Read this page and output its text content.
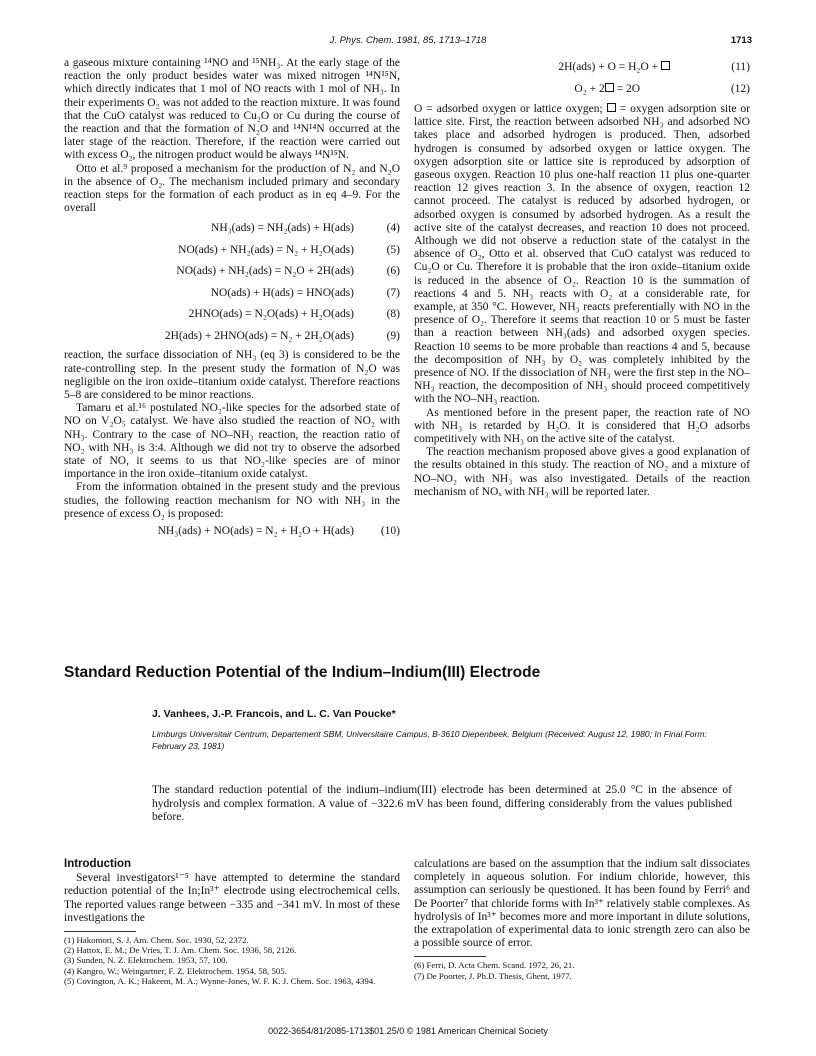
J. Phys. Chem. 1981, 85, 1713–1718	1713

a gaseous mixture containing ¹⁴NO and ¹⁵NH₃. At the early stage of the reaction the only product besides water was mixed nitrogen ¹⁴N¹⁵N, which directly indicates that 1 mol of NO reacts with 1 mol of NH₃. In their experiments O₂ was not added to the reaction mixture. It was found that the CuO catalyst was reduced to Cu₂O or Cu during the course of the reaction and that the formation of N₂O and ¹⁴N¹⁴N occurred at the later stage of the reaction. Therefore, if the reaction were carried out with excess O₂, the nitrogen product would be always ¹⁴N¹⁵N.

Otto et al.⁹ proposed a mechanism for the production of N₂ and N₂O in the absence of O₂. The mechanism included primary and secondary reaction steps for the formation of each product as in eq 4–9. For the overall

NH₃(ads) = NH₂(ads) + H(ads)	(4)
NO(ads) + NH₂(ads) = N₂ + H₂O(ads)	(5)
NO(ads) + NH₂(ads) = N₂O + 2H(ads)	(6)
NO(ads) + H(ads) = HNO(ads)	(7)
2HNO(ads) = N₂O(ads) + H₂O(ads)	(8)
2H(ads) + 2HNO(ads) = N₂ + 2H₂O(ads)	(9)

reaction, the surface dissociation of NH₃ (eq 3) is considered to be the rate-controlling step. In the present study the formation of N₂O was negligible on the iron oxide–titanium oxide catalyst. Therefore reactions 5–8 are considered to be minor reactions.

Tamaru et al.¹⁶ postulated NO₂-like species for the adsorbed state of NO on V₂O₅ catalyst. We have also studied the reaction of NO₂ with NH₃. Contrary to the case of NO–NH₃ reaction, the reaction ratio of NO₂ with NH₃ is 3:4. Although we did not try to observe the adsorbed state of NO, it seems to us that NO₂-like species are of minor importance in the iron oxide–titanium oxide catalyst.

From the information obtained in the present study and the previous studies, the following reaction mechanism for NO with NH₃ in the presence of excess O₂ is proposed:

NH₃(ads) + NO(ads) = N₂ + H₂O + H(ads) (10)
2H(ads) + O = H₂O +	(11)
O₂ + 2 = 2O	(12)

O = adsorbed oxygen or lattice oxygen; = oxygen adsorption site or lattice site. First, the reaction between adsorbed NH₃ and adsorbed NO takes place and adsorbed hydrogen is produced. Then, adsorbed hydrogen is consumed by adsorbed oxygen or lattice oxygen. The oxygen adsorption site or lattice site is reproduced by adsorption of gaseous oxygen. Reaction 10 plus one-half reaction 11 plus one-quarter reaction 12 gives reaction 3. In the absence of oxygen, reaction 12 cannot proceed. The catalyst is reduced by adsorbed hydrogen, or adsorbed oxygen is consumed by adsorbed hydrogen. As a result the active site of the catalyst decreases, and reaction 10 does not proceed. Although we did not observe a reduction state of the catalyst in the absence of O₂, Otto et al. observed that CuO catalyst was reduced to Cu₂O or Cu. Therefore it is probable that the iron oxide–titanium oxide is reduced in the absence of O₂. Reaction 10 is the summation of reactions 4 and 5. NH₃ reacts with O₂ at a considerable rate, for example, at 350 °C. However, NH₃ reacts preferentially with NO in the presence of O₂. Therefore it seems that reaction 10 or 5 must be faster than a reaction between NH₃(ads) and adsorbed oxygen species. Reaction 10 seems to be more probable than reactions 4 and 5, because the decomposition of NH₃ by O₂ was completely inhibited by the presence of NO. If the dissociation of NH₃ were the first step in the NO–NH₃ reaction, the decomposition of NH₃ should proceed competitively with the NO–NH₃ reaction.

As mentioned before in the present paper, the reaction rate of NO with NH₃ is retarded by H₂O. It is considered that H₂O adsorbs competitively with NH₃ on the active site of the catalyst.

The reaction mechanism proposed above gives a good explanation of the results obtained in this study. The reaction of NO₂ and a mixture of NO–NO₂ with NH₃ was also investigated. Details of the reaction mechanism of NOₓ with NH₃ will be reported later.

Standard Reduction Potential of the Indium–Indium(III) Electrode
J. Vanhees, J.-P. Francois, and L. C. Van Poucke*
Limburgs Universitair Centrum, Departement SBM, Universitaire Campus, B-3610 Diepenbeek, Belgium (Received: August 12, 1980; In Final Form: February 23, 1981)
The standard reduction potential of the indium–indium(III) electrode has been determined at 25.0 °C in the absence of hydrolysis and complex formation. A value of −322.6 mV has been found, differing considerably from the values published before.
Introduction

Several investigators¹⁻⁵ have attempted to determine the standard reduction potential of the In;In³⁺ electrode using electrochemical cells. The reported values range between −335 and −341 mV. In most of these investigations the

(1) Hakomori, S. J. Am. Chem. Soc. 1930, 52, 2372.
(2) Hattox, E. M.; De Vries, T. J. Am. Chem. Soc. 1936, 58, 2126.
(3) Sunden, N. Z. Elektrochem. 1953, 57, 100.
(4) Kangro, W.; Weingartner, F. Z. Elektrochem. 1954, 58, 505.
(5) Covington, A. K.; Hakeem, M. A.; Wynne-Jones, W. F. K. J. Chem. Soc. 1963, 4394.

calculations are based on the assumption that the indium salt dissociates completely in aqueous solution. For indium chloride, however, this assumption can seriously be questioned. It has been found by Ferri⁶ and De Poorter⁷ that chloride forms with In³⁺ relatively stable complexes. As hydrolysis of In³⁺ becomes more and more important in dilute solutions, the extrapolation of experimental data to ionic strength zero can also be a possible source of error.

(6) Ferri, D. Acta Chem. Scand. 1972, 26, 21.
(7) De Poorter, J. Ph.D. Thesis, Ghent, 1977.
0022-3654/81/2085-1713$01.25/0 © 1981 American Chemical Society
